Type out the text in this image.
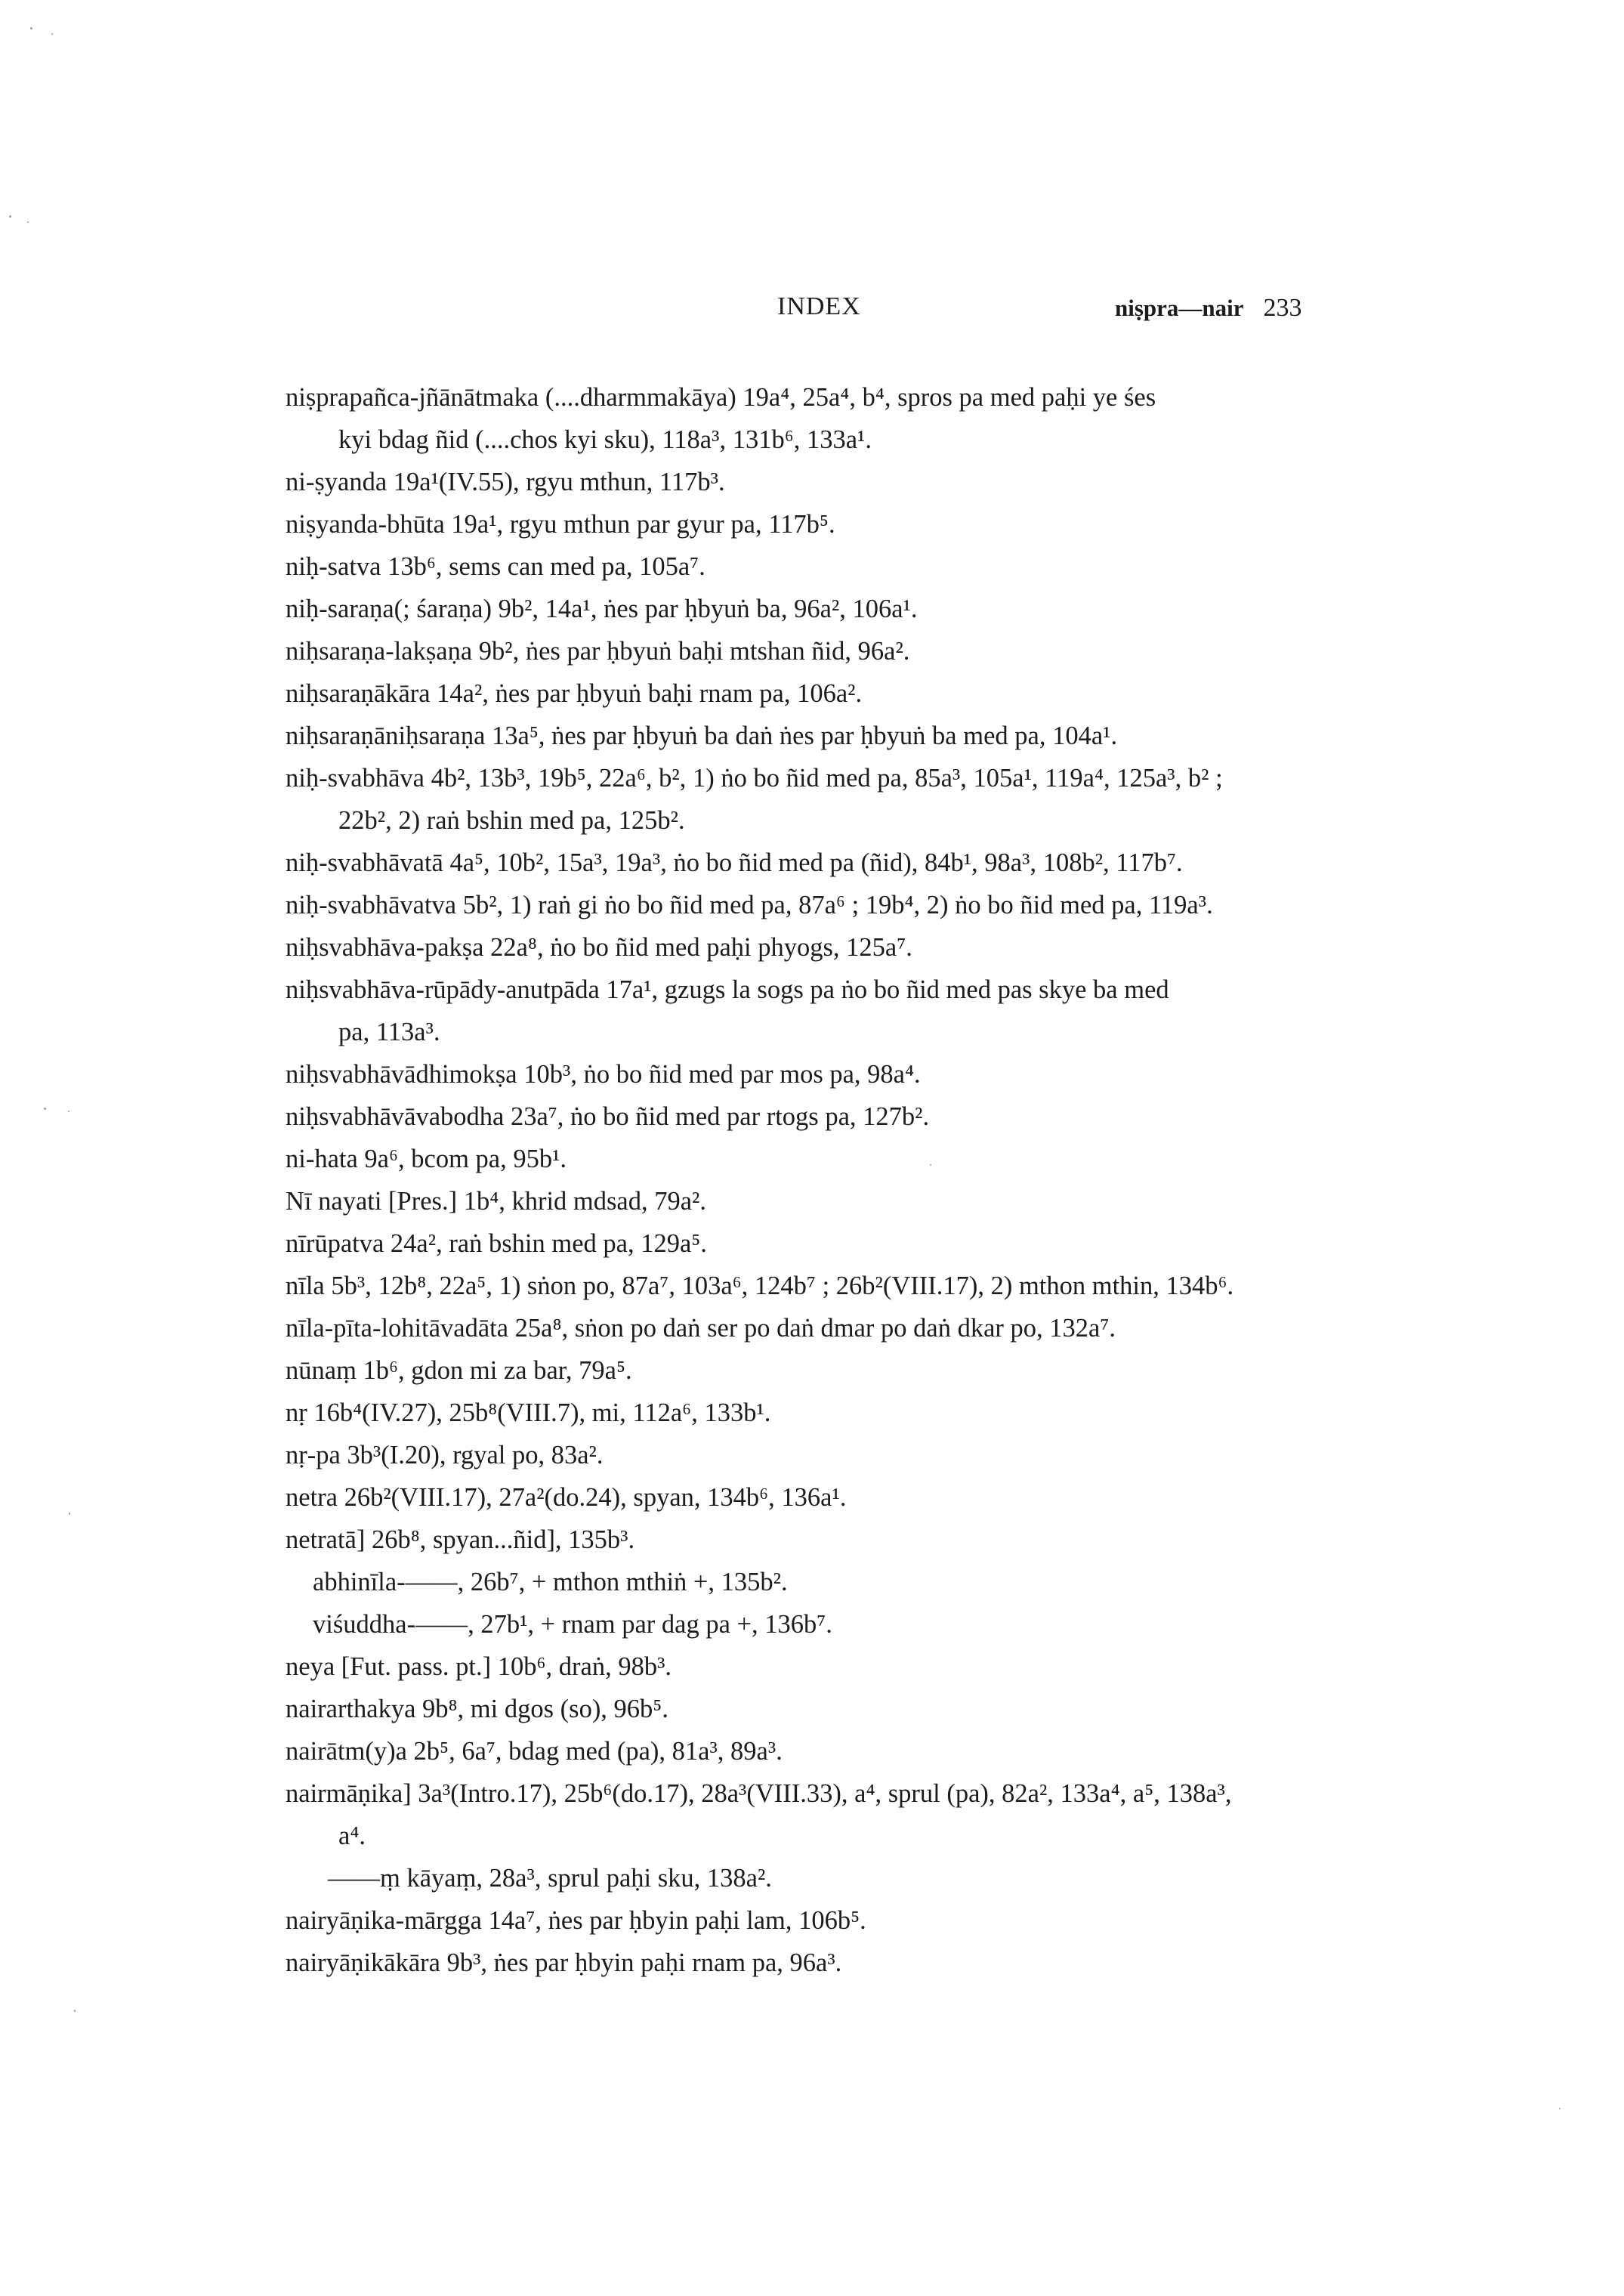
INDEX	niṣpra—nair 233
niṣprapañca-jñānātmaka (....dharmmakāya) 19a⁴, 25a⁴, b⁴, spros pa med paḥi ye śes
kyi bdag ñid (....chos kyi sku), 118a³, 131b⁶, 133a¹.
ni-ṣyanda 19a¹(IV.55), rgyu mthun, 117b³.
niṣyanda-bhūta 19a¹, rgyu mthun par gyur pa, 117b⁵.
niḥ-satva 13b⁶, sems can med pa, 105a⁷.
niḥ-saraṇa(; śaraṇa) 9b², 14a¹, ṅes par ḥbyuṅ ba, 96a², 106a¹.
niḥsaraṇa-lakṣaṇa 9b², ṅes par ḥbyuṅ baḥi mtshan ñid, 96a².
niḥsaraṇākāra 14a², ṅes par ḥbyuṅ baḥi rnam pa, 106a².
niḥsaraṇāniḥsaraṇa 13a⁵, ṅes par ḥbyuṅ ba daṅ ṅes par ḥbyuṅ ba med pa, 104a¹.
niḥ-svabhāva 4b², 13b³, 19b⁵, 22a⁶, b², 1) ṅo bo ñid med pa, 85a³, 105a¹, 119a⁴, 125a³, b² ;
22b², 2) raṅ bshin med pa, 125b².
niḥ-svabhāvatā 4a⁵, 10b², 15a³, 19a³, ṅo bo ñid med pa (ñid), 84b¹, 98a³, 108b², 117b⁷.
niḥ-svabhāvatva 5b², 1) raṅ gi ṅo bo ñid med pa, 87a⁶ ; 19b⁴, 2) ṅo bo ñid med pa, 119a³.
niḥsvabhāva-pakṣa 22a⁸, ṅo bo ñid med paḥi phyogs, 125a⁷.
niḥsvabhāva-rūpādy-anutpāda 17a¹, gzugs la sogs pa ṅo bo ñid med pas skye ba med
pa, 113a³.
niḥsvabhāvādhimokṣa 10b³, ṅo bo ñid med par mos pa, 98a⁴.
niḥsvabhāvāvabodha 23a⁷, ṅo bo ñid med par rtogs pa, 127b².
ni-hata 9a⁶, bcom pa, 95b¹.
Nī nayati [Pres.] 1b⁴, khrid mdsad, 79a².
nīrūpatva 24a², raṅ bshin med pa, 129a⁵.
nīla 5b³, 12b⁸, 22a⁵, 1) sṅon po, 87a⁷, 103a⁶, 124b⁷ ; 26b²(VIII.17), 2) mthon mthin, 134b⁶.
nīla-pīta-lohitāvadāta 25a⁸, sṅon po daṅ ser po daṅ dmar po daṅ dkar po, 132a⁷.
nūnaṃ 1b⁶, gdon mi za bar, 79a⁵.
nṛ 16b⁴(IV.27), 25b⁸(VIII.7), mi, 112a⁶, 133b¹.
nṛ-pa 3b³(I.20), rgyal po, 83a².
netra 26b²(VIII.17), 27a²(do.24), spyan, 134b⁶, 136a¹.
netratā] 26b⁸, spyan...ñid], 135b³.
abhinīla-——, 26b⁷, + mthon mthiṅ +, 135b².
viśuddha-——, 27b¹, + rnam par dag pa +, 136b⁷.
neya [Fut. pass. pt.] 10b⁶, draṅ, 98b³.
nairarthakya 9b⁸, mi dgos (so), 96b⁵.
nairātm(y)a 2b⁵, 6a⁷, bdag med (pa), 81a³, 89a³.
nairmāṇika] 3a³(Intro.17), 25b⁶(do.17), 28a³(VIII.33), a⁴, sprul (pa), 82a², 133a⁴, a⁵, 138a³,
a⁴.
——ṃ kāyaṃ, 28a³, sprul paḥi sku, 138a².
nairyāṇika-mārgga 14a⁷, ṅes par ḥbyin paḥi lam, 106b⁵.
nairyāṇikākāra 9b³, ṅes par ḥbyin paḥi rnam pa, 96a³.
